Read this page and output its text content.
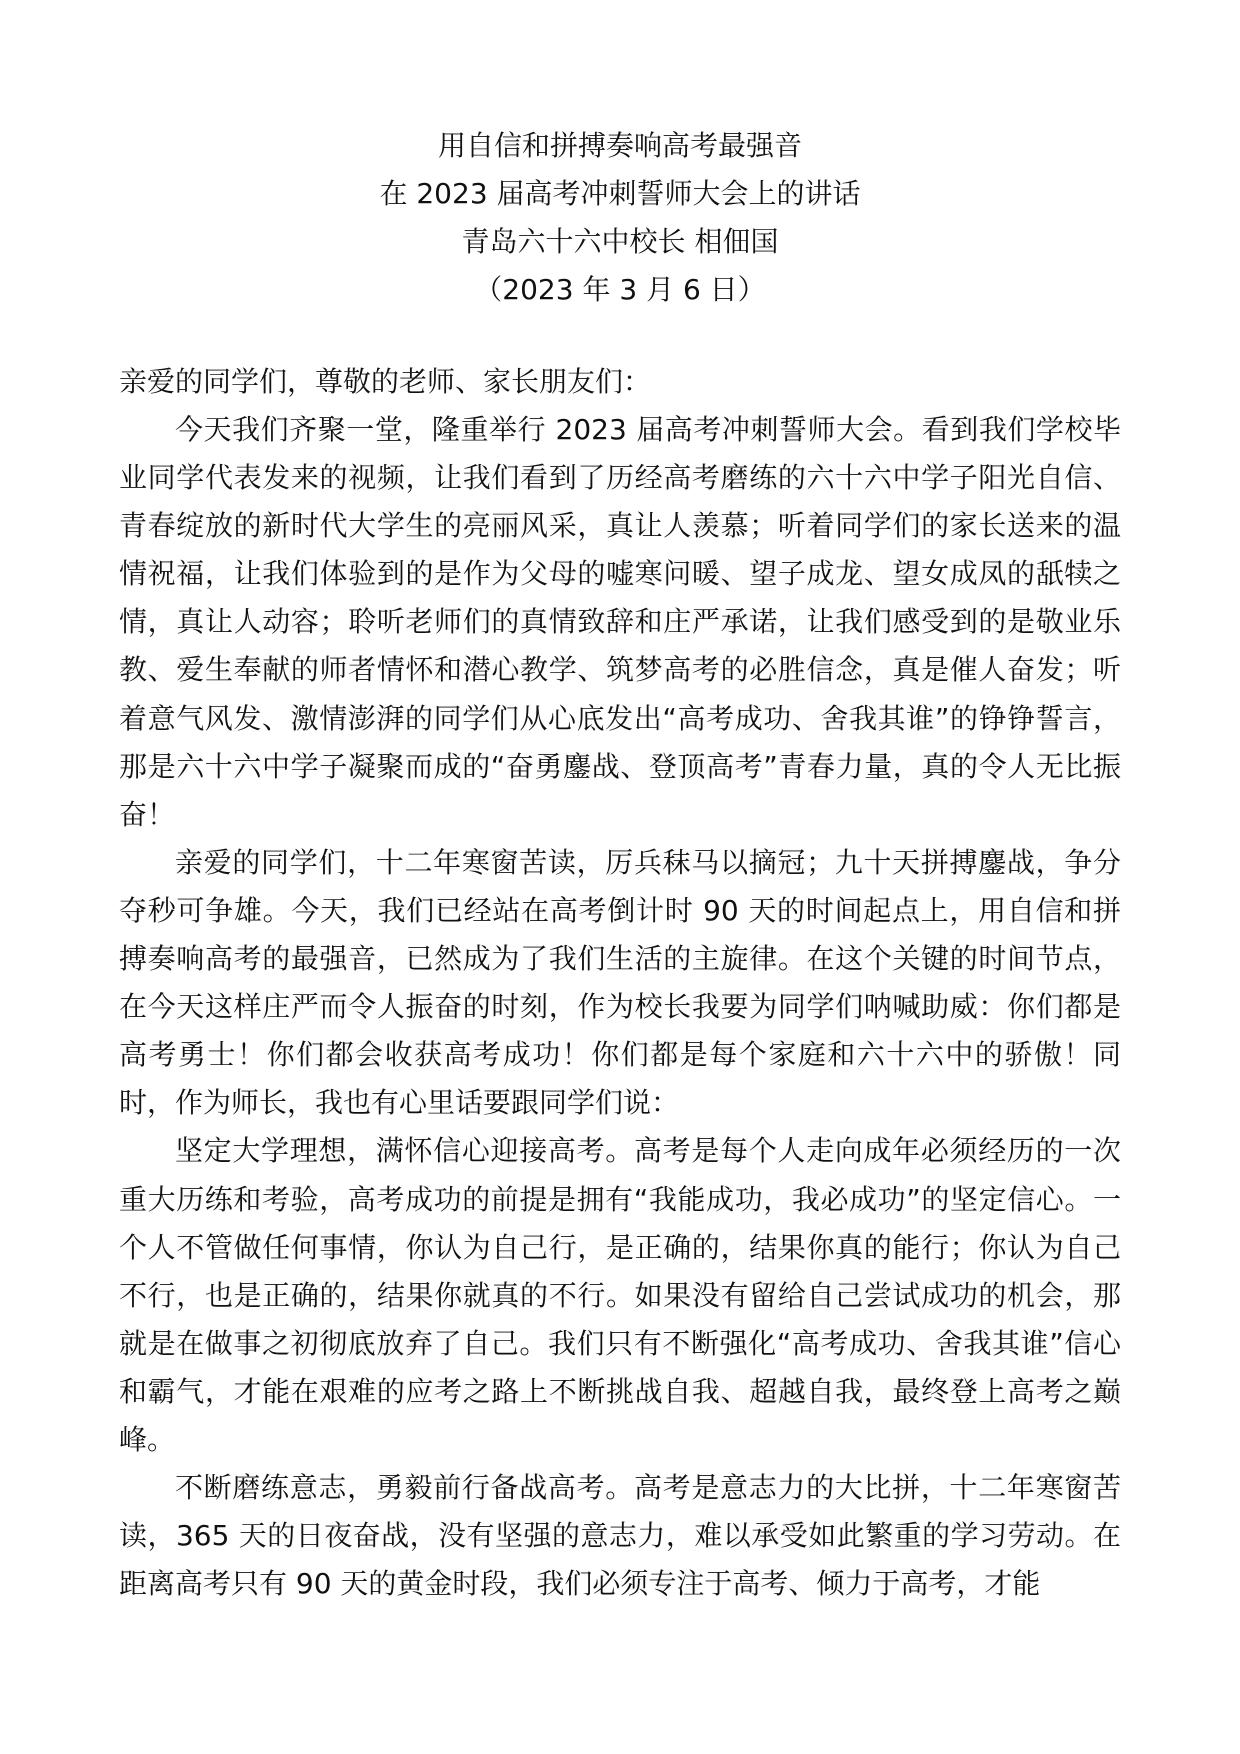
用自信和拼搏奏响高考最强音
在 2023 届高考冲刺誓师大会上的讲话
青岛六十六中校长 相佃国
（2023 年 3 月 6 日）

亲爱的同学们，尊敬的老师、家长朋友们：

今天我们齐聚一堂，隆重举行 2023 届高考冲刺誓师大会。看到我们学校毕业同学代表发来的视频，让我们看到了历经高考磨练的六十六中学子阳光自信、青春绽放的新时代大学生的亮丽风采，真让人羡慕；听着同学们的家长送来的温情祝福，让我们体验到的是作为父母的嘘寒问暖、望子成龙、望女成凤的舐犊之情，真让人动容；聆听老师们的真情致辞和庄严承诺，让我们感受到的是敬业乐教、爱生奉献的师者情怀和潜心教学、筑梦高考的必胜信念，真是催人奋发；听着意气风发、激情澎湃的同学们从心底发出“高考成功、舍我其谁”的铮铮誓言，那是六十六中学子凝聚而成的“奋勇鏖战、登顶高考”青春力量，真的令人无比振奋！

亲爱的同学们，十二年寒窗苦读，厉兵秣马以摘冠；九十天拼搏鏖战，争分夺秒可争雄。今天，我们已经站在高考倒计时 90 天的时间起点上，用自信和拼搏奏响高考的最强音，已然成为了我们生活的主旋律。在这个关键的时间节点，在今天这样庄严而令人振奋的时刻，作为校长我要为同学们呐喊助威：你们都是高考勇士！你们都会收获高考成功！你们都是每个家庭和六十六中的骄傲！同时，作为师长，我也有心里话要跟同学们说：

坚定大学理想，满怀信心迎接高考。高考是每个人走向成年必须经历的一次重大历练和考验，高考成功的前提是拥有“我能成功，我必成功”的坚定信心。一个人不管做任何事情，你认为自己行，是正确的，结果你真的能行；你认为自己不行，也是正确的，结果你就真的不行。如果没有留给自己尝试成功的机会，那就是在做事之初彻底放弃了自己。我们只有不断强化“高考成功、舍我其谁”信心和霸气，才能在艰难的应考之路上不断挑战自我、超越自我，最终登上高考之巅峰。

不断磨练意志，勇毅前行备战高考。高考是意志力的大比拼，十二年寒窗苦读，365 天的日夜奋战，没有坚强的意志力，难以承受如此繁重的学习劳动。在距离高考只有 90 天的黄金时段，我们必须专注于高考、倾力于高考，才能
